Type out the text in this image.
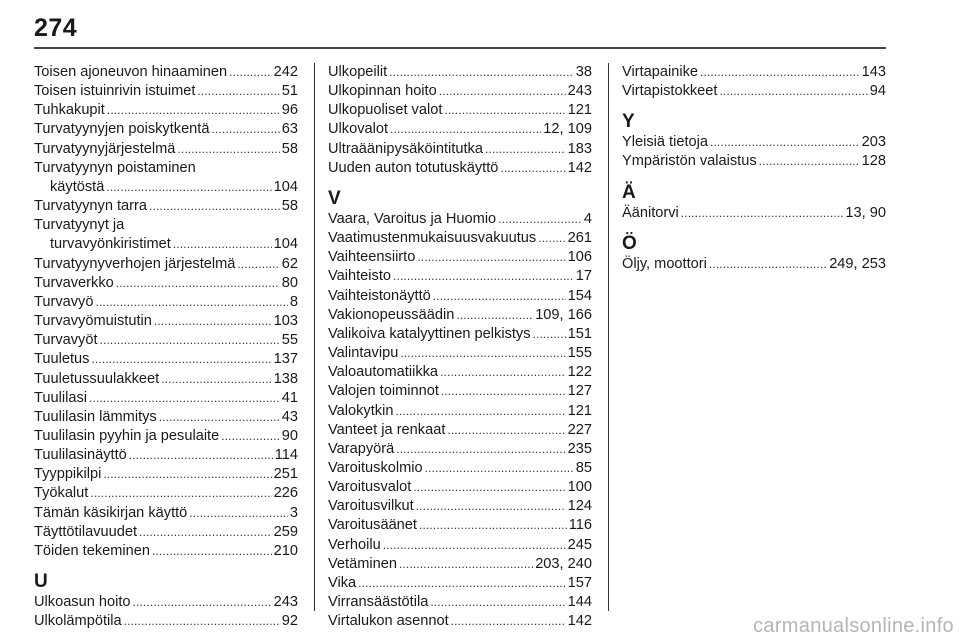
274
Toisen ajoneuvon hinaaminen . . .	242
Toisen istuinrivin istuimet . . .	51
Tuhkakupit . . .	96
Turvatyynyjen poiskytkentä . . .	63
Turvatyynyjärjestelmä . . .	58
Turvatyynyn poistaminen
käytöstä . . .	104
Turvatyynyn tarra . . .	58
Turvatyynyt ja
turvavyönkiristimet . . .	104
Turvatyynyverhojen järjestelmä . . .	62
Turvaverkko . . .	80
Turvavyö . . .	8
Turvavyömuistutin . . .	103
Turvavyöt . . .	55
Tuuletus . . .	137
Tuuletussuulakkeet . . .	138
Tuulilasi . . .	41
Tuulilasin lämmitys . . .	43
Tuulilasin pyyhin ja pesulaite . . .	90
Tuulilasinäyttö . . .	114
Tyyppikilpi . . .	251
Työkalut . . .	226
Tämän käsikirjan käyttö . . .	3
Täyttötilavuudet . . .	259
Töiden tekeminen . . .	210
U
Ulkoasun hoito . . .	243
Ulkolämpötila . . .	92
Ulkopeilit . . .	38
Ulkopinnan hoito . . .	243
Ulkopuoliset valot . . .	121
Ulkovalot . . .	12, 109
Ultraäänipysäköintitutka . . .	183
Uuden auton totutuskäyttö . . .	142
V
Vaara, Varoitus ja Huomio . . .	4
Vaatimustenmukaisuusvakuutus . . . 261
Vaihteensiirto . . .	106
Vaihteisto . . .	17
Vaihteistonäyttö . . .	154
Vakionopeussäädin . . .	109, 166
Valikoiva katalyyttinen pelkistys . . .	151
Valintavipu . . .	155
Valoautomatiikka . . .	122
Valojen toiminnot . . .	127
Valokytkin . . .	121
Vanteet ja renkaat . . .	227
Varapyörä . . .	235
Varoituskolmio . . .	85
Varoitusvalot . . .	100
Varoitusvilkut . . .	124
Varoitusäänet . . .	116
Verhoilu . . .	245
Vetäminen . . .	203, 240
Vika . . .	157
Virransäästötila . . .	144
Virtalukon asennot . . .	142
Virtapainike . . .	143
Virtapistokkeet . . .	94
Y
Yleisiä tietoja . . .	203
Ympäristön valaistus . . .	128
Ä
Äänitorvi . . .	13, 90
Ö
Öljy, moottori . . .	249, 253
carmanualsonline.info
